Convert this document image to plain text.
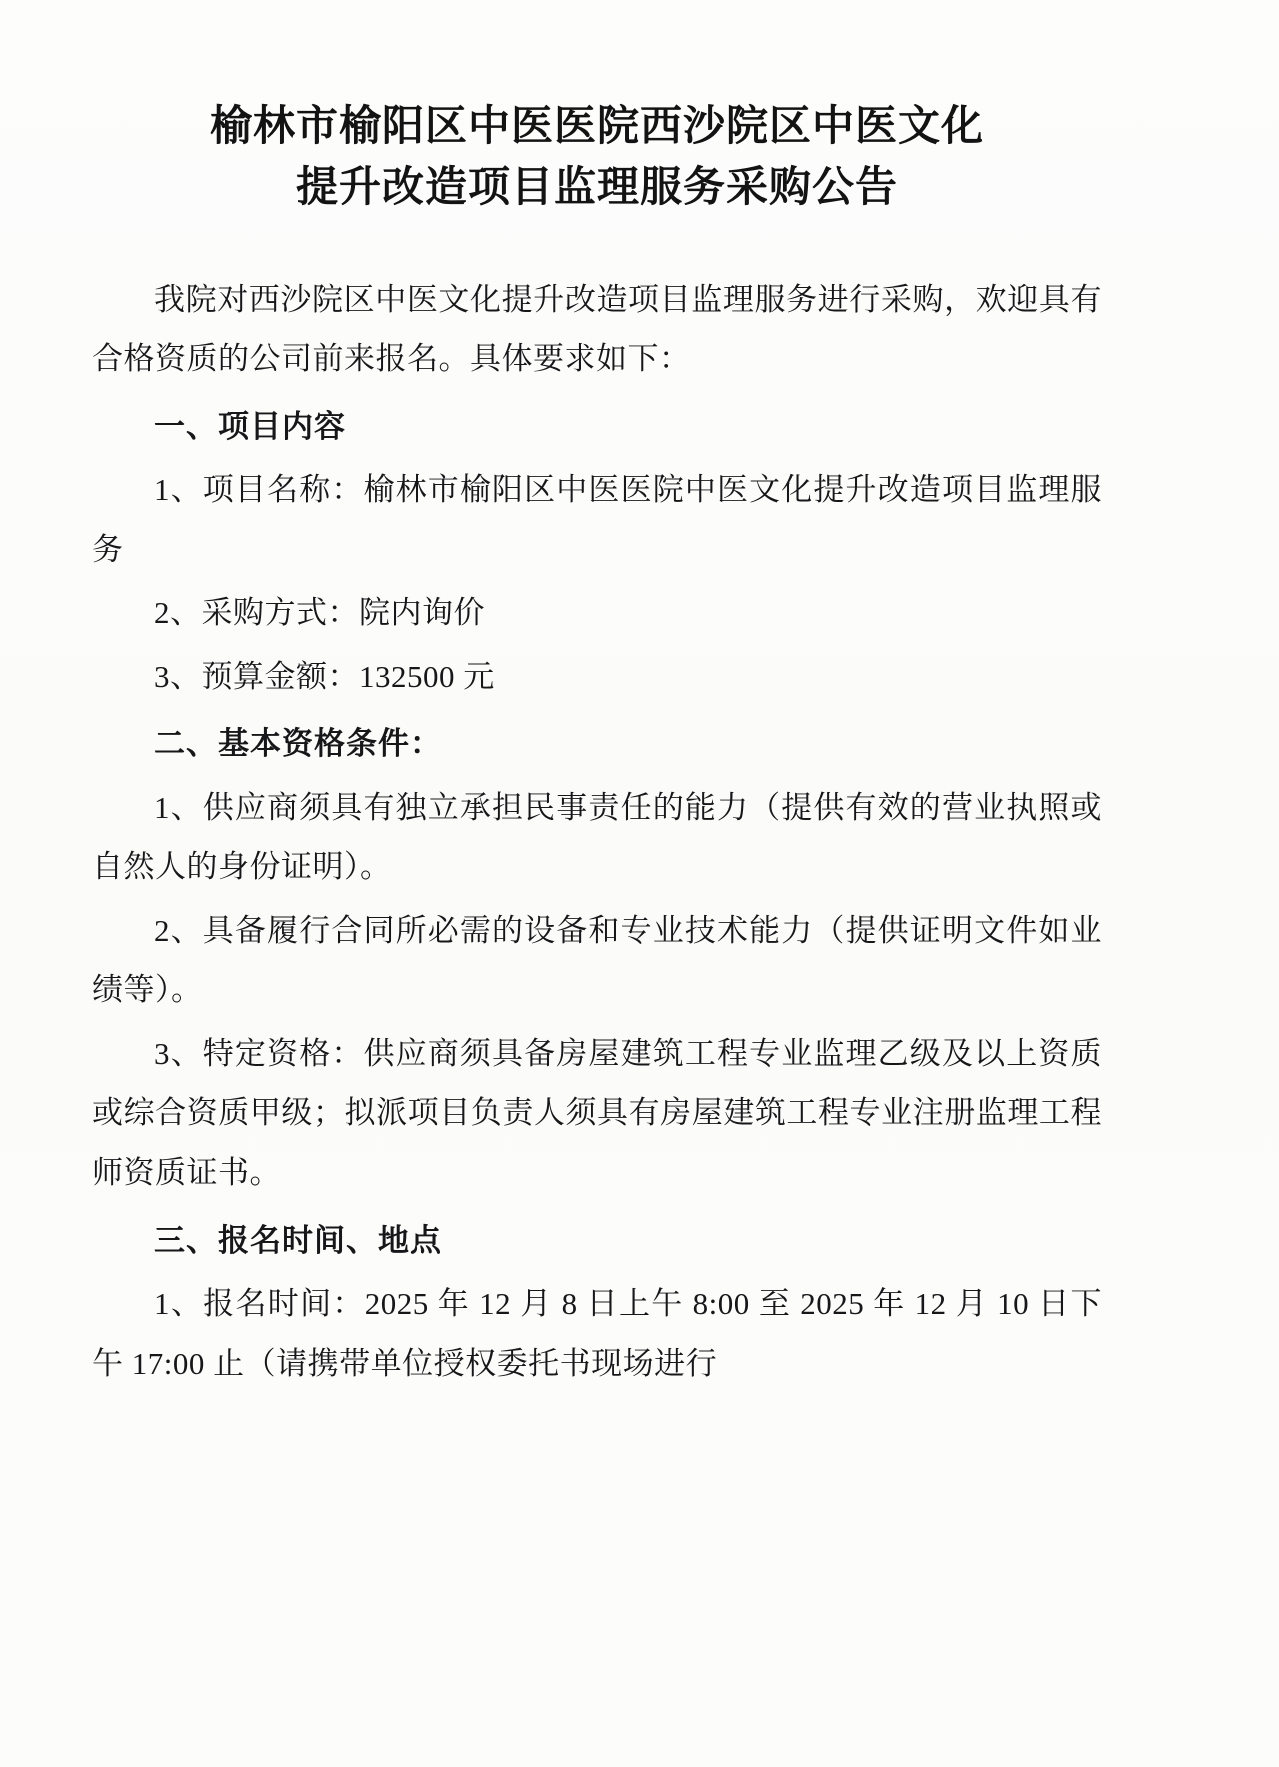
榆林市榆阳区中医医院西沙院区中医文化
提升改造项目监理服务采购公告

我院对西沙院区中医文化提升改造项目监理服务进行采购，欢迎具有合格资质的公司前来报名。具体要求如下：

一、项目内容

1、项目名称：榆林市榆阳区中医医院中医文化提升改造项目监理服务

2、采购方式：院内询价

3、预算金额：132500 元

二、基本资格条件：

1、供应商须具有独立承担民事责任的能力（提供有效的营业执照或自然人的身份证明）。

2、具备履行合同所必需的设备和专业技术能力（提供证明文件如业绩等）。

3、特定资格：供应商须具备房屋建筑工程专业监理乙级及以上资质或综合资质甲级；拟派项目负责人须具有房屋建筑工程专业注册监理工程师资质证书。

三、报名时间、地点

1、报名时间：2025 年 12 月 8 日上午 8:00 至 2025 年 12 月 10 日下午 17:00 止（请携带单位授权委托书现场进行
